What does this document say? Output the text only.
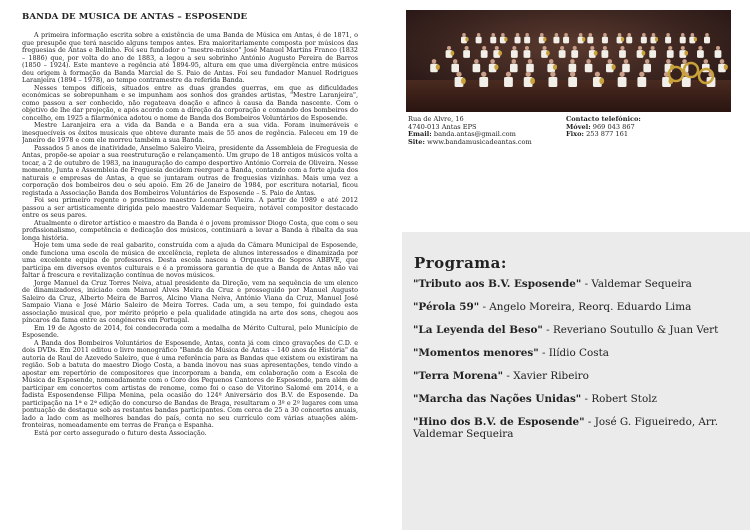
BANDA DE MÚSICA DE ANTAS – ESPOSENDE

A primeira informação escrita sobre a existência de uma Banda de Música em Antas, é de 1871, o que presupõe que terá nascido alguns tempos antes. Era maioritariamente composta por músicos das freguesias de Antas e Belinho. Foi seu fundador o "mestre-músico" José Manuel Martins Franco (1832 – 1886) que, por volta do ano de 1883, a legou a seu sobrinho António Augusto Pereira de Barros (1850 – 1924). Este manteve a regência até 1894-95, altura em que uma divergência entre músicos deu origem à formação da Banda Marcial de S. Paio de Antas. Foi seu fundador Manuel Rodrigues Laranjeira (1894 – 1978), ao tempo contramestre da referida Banda.

Nesses tempos difíceis, situados entre as duas grandes guerras, em que as dificuldades económicas se sobrepunham e se impunham aos sonhos dos grandes artistas, "Mestre Laranjeira", como passou a ser conhecido, não regateava doação e afinco à causa da Banda nascente. Com o objetivo de lhe dar projeção, e após acordo com a direção da corporação e comando dos bombeiros do concelho, em 1925 a filarmónica adotou o nome de Banda dos Bombeiros Voluntários de Esposende.

Mestre Laranjeira era a vida da Banda e a Banda era a sua vida. Foram inumeráveis e inesquecíveis os êxitos musicais que obteve durante mais de 55 anos de regência. Faleceu em 19 de Janeiro de 1978 e com ele morreu também a sua Banda.

Passados 5 anos de inatividade, Anselmo Saleiro Vieira, presidente da Assembleia de Freguesia de Antas, propõe-se apoiar a sua reestruturação e relançamento. Um grupo de 18 antigos músicos volta a tocar, a 2 de outubro de 1983, na inauguração do campo desportivo António Correia de Oliveira. Nesse momento, Junta e Assembleia de Freguesia decidem reerguer a Banda, contando com a forte ajuda dos naturais e empresas de Antas, a que se juntaram outras de freguesias vizinhas. Mais uma vez a corporação dos bombeiros deu o seu apoio. Em 26 de Janeiro de 1984, por escritura notarial, ficou registada a Associação Banda dos Bombeiros Voluntários de Esposende – S. Paio de Antas.

Foi seu primeiro regente o prestimoso maestro Leonardo Vieira. A partir de 1989 e até 2012 passou a ser artisticamente dirigida pelo maestro Valdemar Sequeira, notável compositor destacado entre os seus pares.

Atualmente o diretor artístico e maestro da Banda é o jovem promissor Diogo Costa, que com o seu profissionalismo, competência e dedicação dos músicos, continuará a levar a Banda à ribalta da sua longa história.

Hoje tem uma sede de real gabarito, construída com a ajuda da Câmara Municipal de Esposende, onde funciona uma escola de música de excelência, repleta de alunos interessados e dinamizada por uma excelente equipa de professores. Desta escola nasceu a Orquestra de Sopros ABBVE, que participa em diversos eventos culturais e é a promissora garantia de que a Banda de Antas não vai faltar à frescura e revitalização contínua de novos músicos.

Jorge Manuel da Cruz Torres Neiva, atual presidente da Direção, vem na sequência de um elenco de dinamizadores, iniciado com Manuel Alves Meira da Cruz e prosseguido por Manuel Augusto Saleiro da Cruz, Alberto Meira de Barros, Alcino Viana Neiva, António Viana da Cruz, Manuel José Sampaio Viana e José Mário Saleiro de Meira Torres. Cada um, a seu tempo, foi guindado esta associação musical que, por mérito próprio e pela qualidade atingida na arte dos sons, chegou aos píncaros da fama entre as congéneres em Portugal.

Em 19 de Agosto de 2014, foi condecorada com a medalha de Mérito Cultural, pelo Município de Esposende.

A Banda dos Bombeiros Voluntários de Esposende, Antas, conta já com cinco gravações de C.D. e dois DVDs. Em 2011 editou o livro monográfico "Banda de Música de Antas – 140 anos de História" da autoria de Raul de Azevedo Saleiro, que é uma referência para as Bandas que existem ou existiram na região. Sob a batuta do maestro Diogo Costa, a banda inovou nas suas apresentações, tendo vindo a apostar em repertório de compositores que incorporam a banda, em colaboração com a Escola de Música de Esposende, nomeadamente com o Coro dos Pequenos Cantores de Esposende, para além de participar em concertos com artistas de renome, como foi o caso de Vitorino Salomé em 2014, e a fadista Esposendense Filipa Menina, pela ocasião do 124º Aniversário dos B.V. de Esposende. Da participação na 1ª e 2ª edição do concurso de Bandas de Braga, resultaram o 3º e 2º lugares com uma pontuação de destaque sob as restantes bandas participantes. Com cerca de 25 a 30 concertos anuais, lado a lado com as melhores bandas do país, conta no seu currículo com várias atuações além-fronteiras, nomeadamente em terras de França e Espanha.

Está por certo assegurado o futuro desta Associação.

Rua de Alvre, 16
4740-013 Antas EPS
Email: banda.antas@gmail.com
Site: www.bandamusicadeantas.com
Contacto telefónico:
Móvel: 969 043 867
Fixo: 253 877 161
Programa:
"Tributo aos B.V. Esposende" - Valdemar Sequeira
"Pérola 59" - Angelo Moreira, Reorq. Eduardo Lima
"La Leyenda del Beso" - Reveriano Soutullo & Juan Vert
"Momentos menores" - Ilídio Costa
"Terra Morena" - Xavier Ribeiro
"Marcha das Nações Unidas" - Robert Stolz
"Hino dos B.V. de Esposende" - José G. Figueiredo, Arr. Valdemar Sequeira
